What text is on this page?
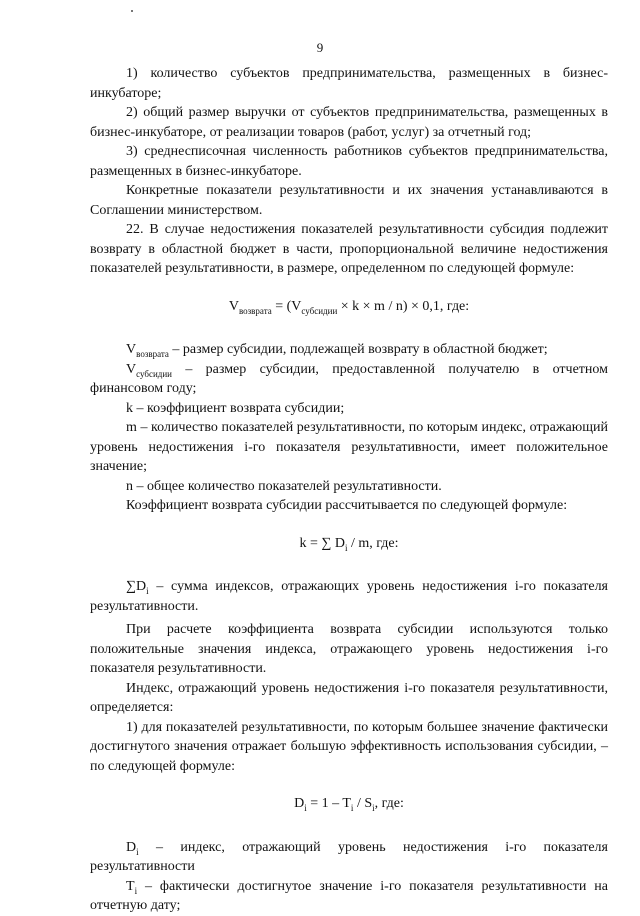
9

1) количество субъектов предпринимательства, размещенных в бизнес-инкубаторе;

2) общий размер выручки от субъектов предпринимательства, размещенных в бизнес-инкубаторе, от реализации товаров (работ, услуг) за отчетный год;

3) среднесписочная численность работников субъектов предпринимательства, размещенных в бизнес-инкубаторе.

Конкретные показатели результативности и их значения устанавливаются в Соглашении министерством.

22. В случае недостижения показателей результативности субсидия подлежит возврату в областной бюджет в части, пропорциональной величине недостижения показателей результативности, в размере, определенном по следующей формуле:

$V_{возврата} = (V_{субсидии} \times k \times m / n) \times 0,1$, где:

$V_{возврата}$ – размер субсидии, подлежащей возврату в областной бюджет;

$V_{субсидии}$ – размер субсидии, предоставленной получателю в отчетном финансовом году;

k – коэффициент возврата субсидии;

m – количество показателей результативности, по которым индекс, отражающий уровень недостижения i-го показателя результативности, имеет положительное значение;

n – общее количество показателей результативности.

Коэффициент возврата субсидии рассчитывается по следующей формуле:

k = ∑ $D_i$ / m, где:

$\sum D_i$ – сумма индексов, отражающих уровень недостижения i-го показателя результативности.

При расчете коэффициента возврата субсидии используются только положительные значения индекса, отражающего уровень недостижения i-го показателя результативности.

Индекс, отражающий уровень недостижения i-го показателя результативности, определяется:

1) для показателей результативности, по которым большее значение фактически достигнутого значения отражает большую эффективность использования субсидии, – по следующей формуле:

$D_i = 1 - T_i / S_i$, где:

$D_i$ – индекс, отражающий уровень недостижения i-го показателя результативности

$T_i$ – фактически достигнутое значение i-го показателя результативности на отчетную дату;
